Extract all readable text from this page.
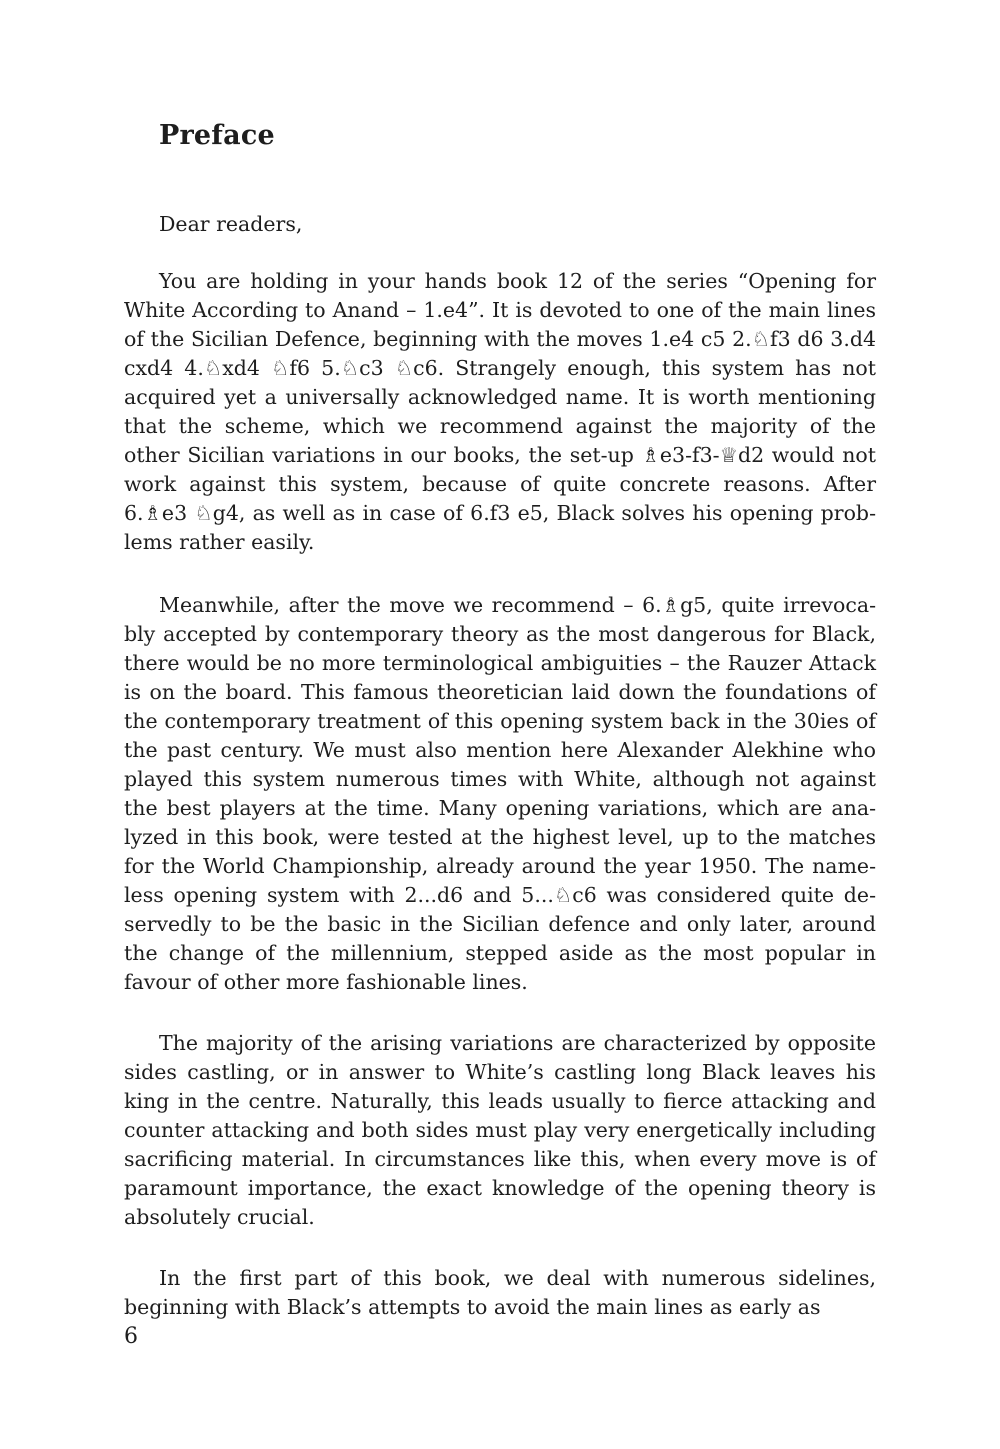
Preface

Dear readers,

You are holding in your hands book 12 of the series “Opening for White According to Anand – 1.e4”. It is devoted to one of the main lines of the Sicilian Defence, beginning with the moves 1.e4 c5 2.♘f3 d6 3.d4 cxd4 4.♘xd4 ♘f6 5.♘c3 ♘c6. Strangely enough, this system has not acquired yet a universally acknowledged name. It is worth mentioning that the scheme, which we recommend against the majority of the other Sicilian variations in our books, the set-up ♗e3-f3-♕d2 would not work against this system, because of quite concrete reasons. After 6.♗e3 ♘g4, as well as in case of 6.f3 e5, Black solves his opening problems rather easily.

Meanwhile, after the move we recommend – 6.♗g5, quite irrevocably accepted by contemporary theory as the most dangerous for Black, there would be no more terminological ambiguities – the Rauzer Attack is on the board. This famous theoretician laid down the foundations of the contemporary treatment of this opening system back in the 30ies of the past century. We must also mention here Alexander Alekhine who played this system numerous times with White, although not against the best players at the time. Many opening variations, which are analyzed in this book, were tested at the highest level, up to the matches for the World Championship, already around the year 1950. The nameless opening system with 2...d6 and 5...♘c6 was considered quite deservedly to be the basic in the Sicilian defence and only later, around the change of the millennium, stepped aside as the most popular in favour of other more fashionable lines.

The majority of the arising variations are characterized by opposite sides castling, or in answer to White’s castling long Black leaves his king in the centre. Naturally, this leads usually to fierce attacking and counter attacking and both sides must play very energetically including sacrificing material. In circumstances like this, when every move is of paramount importance, the exact knowledge of the opening theory is absolutely crucial.

In the first part of this book, we deal with numerous sidelines, beginning with Black’s attempts to avoid the main lines as early as

6
